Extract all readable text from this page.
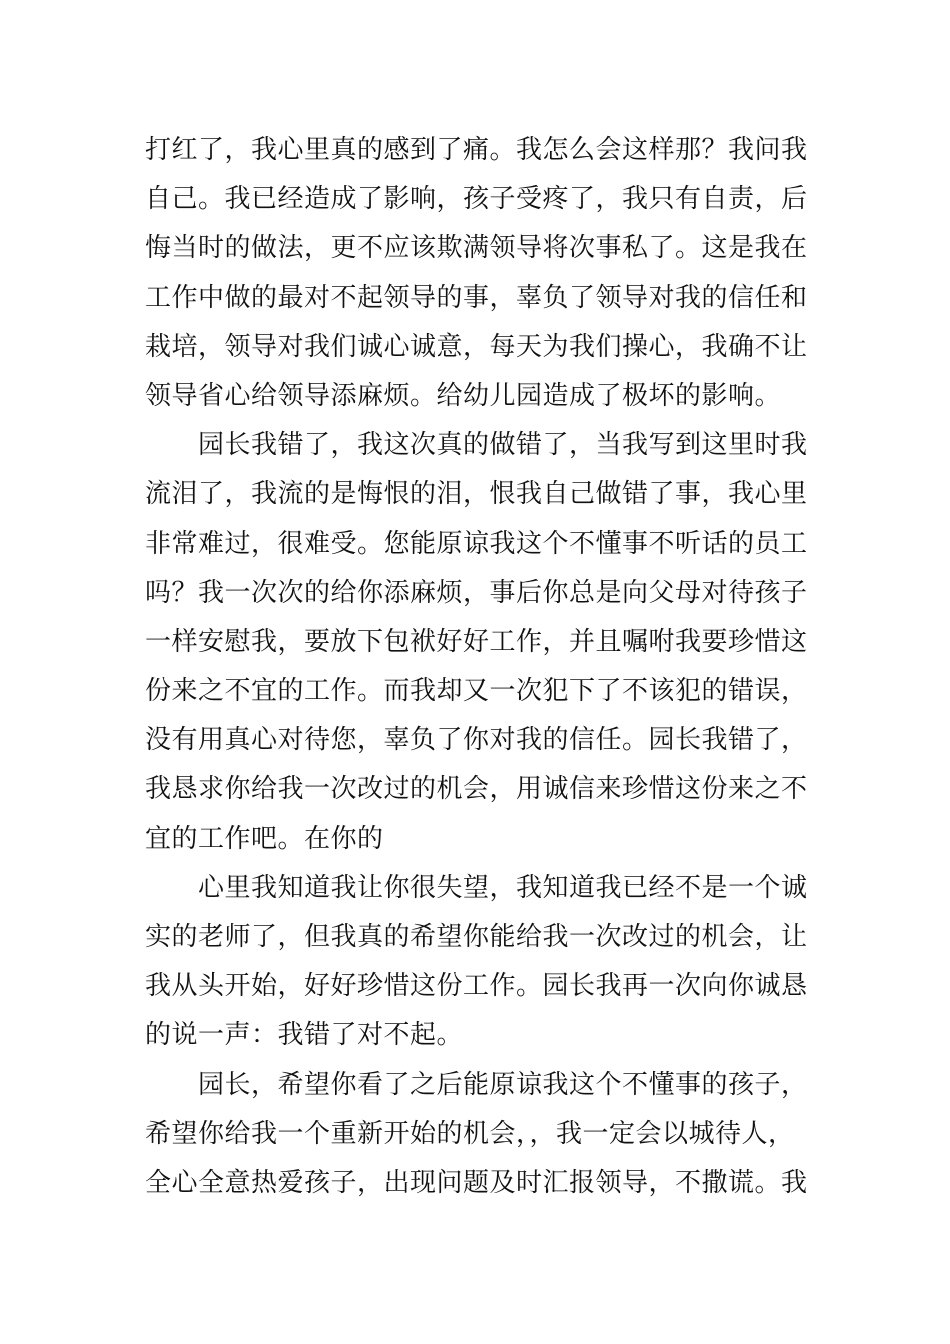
打红了，我心里真的感到了痛。我怎么会这样那？我问我
自己。我已经造成了影响，孩子受疼了，我只有自责，后
悔当时的做法，更不应该欺满领导将次事私了。这是我在
工作中做的最对不起领导的事，辜负了领导对我的信任和
栽培，领导对我们诚心诚意，每天为我们操心，我确不让
领导省心给领导添麻烦。给幼儿园造成了极坏的影响。
园长我错了，我这次真的做错了，当我写到这里时我
流泪了，我流的是悔恨的泪，恨我自己做错了事，我心里
非常难过，很难受。您能原谅我这个不懂事不听话的员工
吗？我一次次的给你添麻烦，事后你总是向父母对待孩子
一样安慰我，要放下包袱好好工作，并且嘱咐我要珍惜这
份来之不宜的工作。而我却又一次犯下了不该犯的错误，
没有用真心对待您，辜负了你对我的信任。园长我错了，
我恳求你给我一次改过的机会，用诚信来珍惜这份来之不
宜的工作吧。在你的
心里我知道我让你很失望，我知道我已经不是一个诚
实的老师了，但我真的希望你能给我一次改过的机会，让
我从头开始，好好珍惜这份工作。园长我再一次向你诚恳
的说一声：我错了对不起。
园长，希望你看了之后能原谅我这个不懂事的孩子，
希望你给我一个重新开始的机会，，我一定会以城待人，
全心全意热爱孩子，出现问题及时汇报领导，不撒谎。我
